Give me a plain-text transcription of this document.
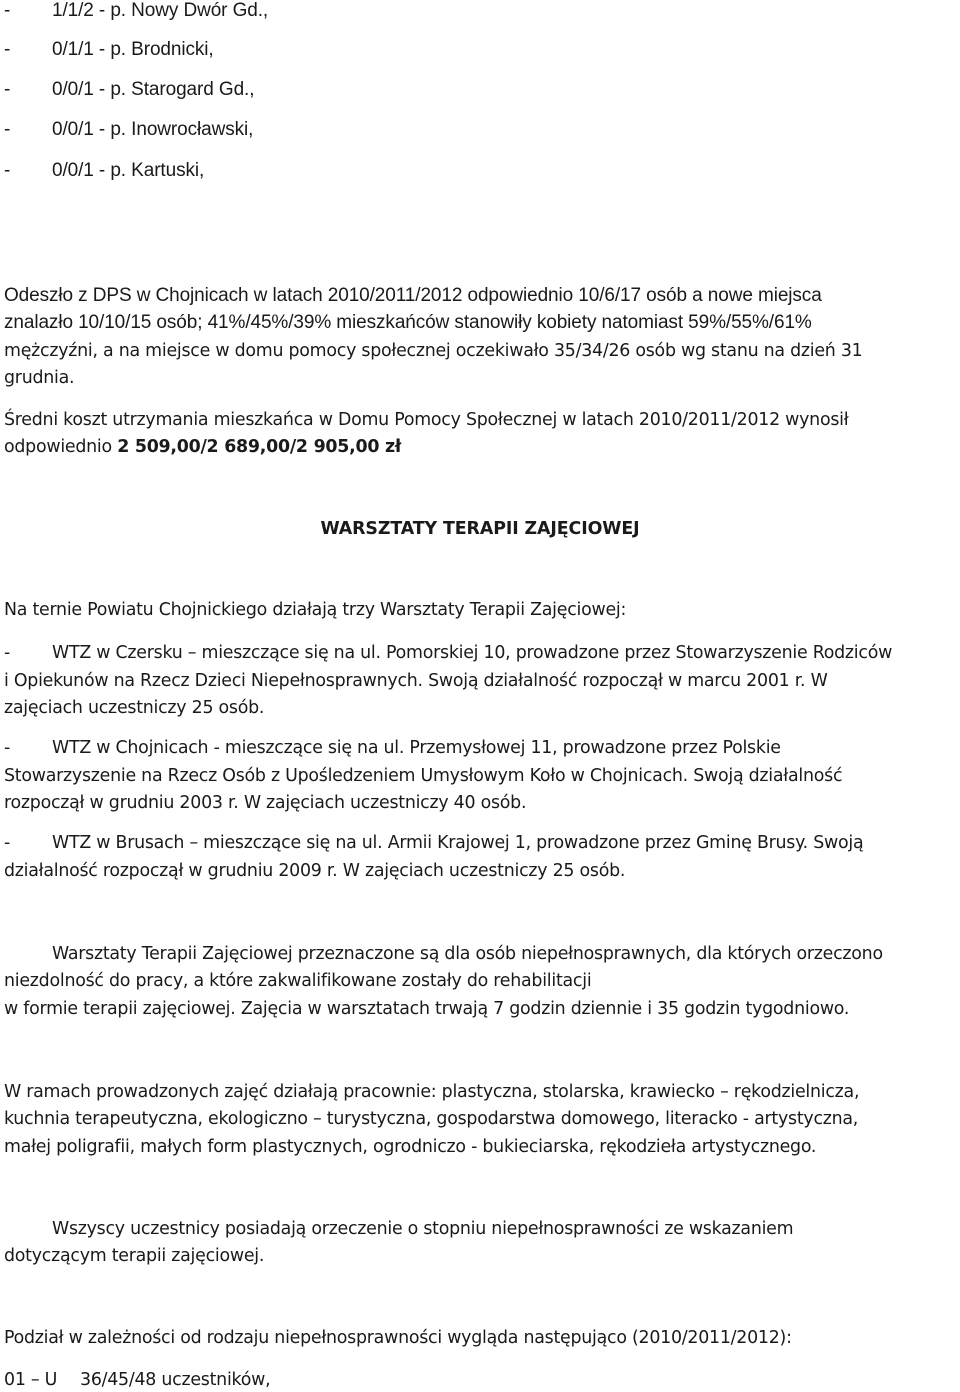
- 1/1/2 - p. Nowy Dwór Gd.,
- 0/1/1 - p. Brodnicki,
- 0/0/1 - p. Starogard Gd.,
- 0/0/1 - p. Inowrocławski,
- 0/0/1 - p. Kartuski,
Odeszło z DPS w Chojnicach w latach 2010/2011/2012 odpowiednio 10/6/17 osób a nowe miejsca
znalazło 10/10/15 osób; 41%/45%/39% mieszkańców stanowiły kobiety natomiast 59%/55%/61%
mężczyźni, a na miejsce w domu pomocy społecznej oczekiwało 35/34/26 osób wg stanu na dzień 31
grudnia.
Średni koszt utrzymania mieszkańca w Domu Pomocy Społecznej w latach 2010/2011/2012 wynosił
odpowiednio 2 509,00/2 689,00/2 905,00 zł
WARSZTATY TERAPII ZAJĘCIOWEJ
Na ternie Powiatu Chojnickiego działają trzy Warsztaty Terapii Zajęciowej:
- WTZ w Czersku – mieszczące się na ul. Pomorskiej 10, prowadzone przez Stowarzyszenie Rodziców
i Opiekunów na Rzecz Dzieci Niepełnosprawnych. Swoją działalność rozpoczął w marcu 2001 r. W
zajęciach uczestniczy 25 osób.
- WTZ w Chojnicach - mieszczące się na ul. Przemysłowej 11, prowadzone przez Polskie
Stowarzyszenie na Rzecz Osób z Upośledzeniem Umysłowym Koło w Chojnicach. Swoją działalność
rozpoczął w grudniu 2003 r. W zajęciach uczestniczy 40 osób.
- WTZ w Brusach – mieszczące się na ul. Armii Krajowej 1, prowadzone przez Gminę Brusy. Swoją
działalność rozpoczął w grudniu 2009 r. W zajęciach uczestniczy 25 osób.
Warsztaty Terapii Zajęciowej przeznaczone są dla osób niepełnosprawnych, dla których orzeczono
niezdolność do pracy, a które zakwalifikowane zostały do rehabilitacji
w formie terapii zajęciowej. Zajęcia w warsztatach trwają 7 godzin dziennie i 35 godzin tygodniowo.
W ramach prowadzonych zajęć działają pracownie: plastyczna, stolarska, krawiecko – rękodzielnicza,
kuchnia terapeutyczna, ekologiczno – turystyczna, gospodarstwa domowego, literacko - artystyczna,
małej poligrafii, małych form plastycznych, ogrodniczo - bukieciarska, rękodzieła artystycznego.
Wszyscy uczestnicy posiadają orzeczenie o stopniu niepełnosprawności ze wskazaniem
dotyczącym terapii zajęciowej.
Podział w zależności od rodzaju niepełnosprawności wygląda następująco (2010/2011/2012):
01 – U 36/45/48 uczestników,
